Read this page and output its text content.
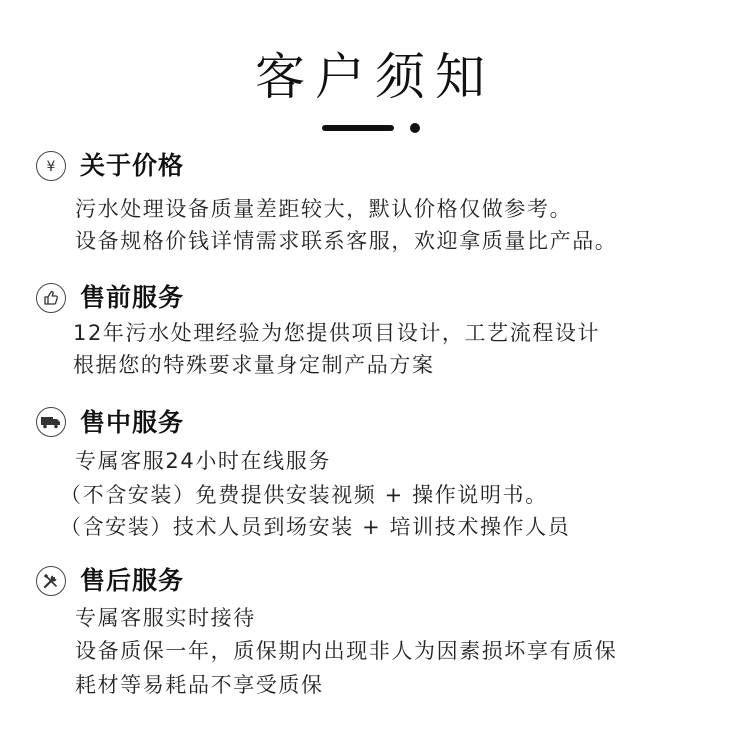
客户须知
¥ 关于价格
污水处理设备质量差距较大，默认价格仅做参考。
设备规格价钱详情需求联系客服，欢迎拿质量比产品。
售前服务
12年污水处理经验为您提供项目设计，工艺流程设计
根据您的特殊要求量身定制产品方案
售中服务
专属客服24小时在线服务
（不含安装）免费提供安装视频 + 操作说明书。
（含安装）技术人员到场安装 + 培训技术操作人员
售后服务
专属客服实时接待
设备质保一年，质保期内出现非人为因素损坏享有质保
耗材等易耗品不享受质保
